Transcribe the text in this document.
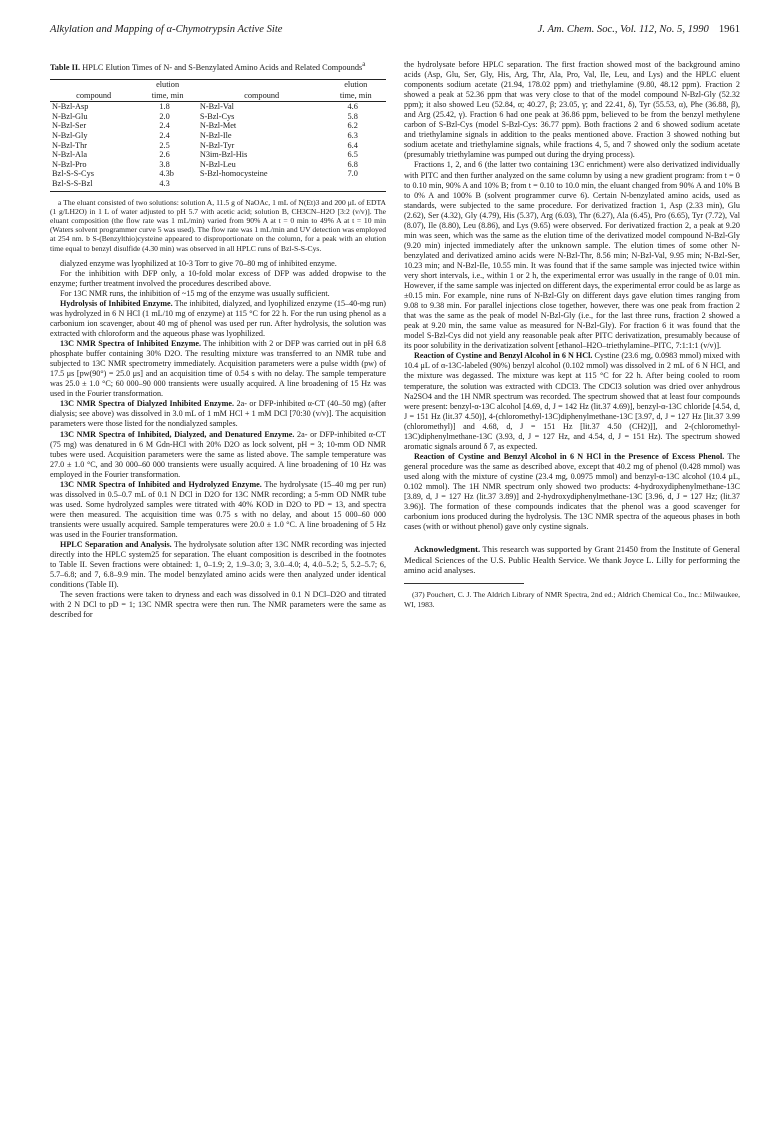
Alkylation and Mapping of α-Chymotrypsin Active Site	J. Am. Chem. Soc., Vol. 112, No. 5, 1990 1961

Table II. HPLC Elution Times of N- and S-Benzylated Amino Acids and Related Compounds$^a$

	elution		elution
compound	time, min	compound	time, min
N-Bzl-Asp	1.8	N-Bzl-Val	4.6
N-Bzl-Glu	2.0	S-Bzl-Cys	5.8
N-Bzl-Ser	2.4	N-Bzl-Met	6.2
N-Bzl-Gly	2.4	N-Bzl-Ile	6.3
N-Bzl-Thr	2.5	N-Bzl-Tyr	6.4
N-Bzl-Ala	2.6	N3im-Bzl-His	6.5
N-Bzl-Pro	3.8	N-Bzl-Leu	6.8
Bzl-S-S-Cys	4.3b	S-Bzl-homocysteine	7.0
Bzl-S-S-Bzl	4.3		

a The eluant consisted of two solutions: solution A, 11.5 g of NaOAc, 1 mL of N(Et)3 and 200 μL of EDTA (1 g/LH2O) in 1 L of water adjusted to pH 5.7 with acetic acid; solution B, CH3CN–H2O [3:2 (v/v)]. The eluant composition (the flow rate was 1 mL/min) varied from 90% A at t = 0 min to 49% A at t = 10 min (Waters solvent programmer curve 5 was used). The flow rate was 1 mL/min and UV detection was employed at 254 nm. b S-(Benzylthio)cysteine appeared to disproportionate on the column, for a peak with an elution time equal to benzyl disulfide (4.30 min) was observed in all HPLC runs of Bzl-S-S-Cys.

dialyzed enzyme was lyophilized at 10-3 Torr to give 70–80 mg of inhibited enzyme.

For the inhibition with DFP only, a 10-fold molar excess of DFP was added dropwise to the enzyme; further treatment involved the procedures described above.

For 13C NMR runs, the inhibition of ~15 mg of the enzyme was usually sufficient.

Hydrolysis of Inhibited Enzyme. The inhibited, dialyzed, and lyophilized enzyme (15–40-mg run) was hydrolyzed in 6 N HCl (1 mL/10 mg of enzyme) at 115 °C for 22 h. For the run using phenol as a carbonium ion scavenger, about 40 mg of phenol was used per run. After hydrolysis, the solution was extracted with chloroform and the aqueous phase was lyophilized.

13C NMR Spectra of Inhibited Enzyme. The inhibition with 2 or DFP was carried out in pH 6.8 phosphate buffer containing 30% D2O. The resulting mixture was transferred to an NMR tube and subjected to 13C NMR spectrometry immediately. Acquisition parameters were a pulse width (pw) of 17.5 μs [pw(90°) = 25.0 μs] and an acquisition time of 0.54 s with no delay. The sample temperature was 25.0 ± 1.0 °C; 60 000–90 000 transients were usually acquired. A line broadening of 15 Hz was used in the Fourier transformation.

13C NMR Spectra of Dialyzed Inhibited Enzyme. 2a- or DFP-inhibited α-CT (40–50 mg) (after dialysis; see above) was dissolved in 3.0 mL of 1 mM HCl + 1 mM DCl [70:30 (v/v)]. The acquisition parameters were those listed for the nondialyzed samples.

13C NMR Spectra of Inhibited, Dialyzed, and Denatured Enzyme. 2a- or DFP-inhibited α-CT (75 mg) was denatured in 6 M Gdn-HCl with 20% D2O as lock solvent, pH = 3; 10-mm OD NMR tubes were used. Acquisition parameters were the same as listed above. The sample temperature was 27.0 ± 1.0 °C, and 30 000–60 000 transients were usually acquired. A line broadening of 10 Hz was employed in the Fourier transformation.

13C NMR Spectra of Inhibited and Hydrolyzed Enzyme. The hydrolysate (15–40 mg per run) was dissolved in 0.5–0.7 mL of 0.1 N DCl in D2O for 13C NMR recording; a 5-mm OD NMR tube was used. Some hydrolyzed samples were titrated with 40% KOD in D2O to PD = 13, and spectra were then measured. The acquisition time was 0.75 s with no delay, and about 15 000–60 000 transients were usually acquired. Sample temperatures were 20.0 ± 1.0 °C. A line broadening of 5 Hz was used in the Fourier transformation.

HPLC Separation and Analysis. The hydrolysate solution after 13C NMR recording was injected directly into the HPLC system25 for separation. The eluant composition is described in the footnotes to Table II. Seven fractions were obtained: 1, 0–1.9; 2, 1.9–3.0; 3, 3.0–4.0; 4, 4.0–5.2; 5, 5.2–5.7; 6, 5.7–6.8; and 7, 6.8–9.9 min. The model benzylated amino acids were then analyzed under identical conditions (Table II).

The seven fractions were taken to dryness and each was dissolved in 0.1 N DCl–D2O and titrated with 2 N DCl to pD = 1; 13C NMR spectra were then run. The NMR parameters were the same as described for

the hydrolysate before HPLC separation. The first fraction showed most of the background amino acids (Asp, Glu, Ser, Gly, His, Arg, Thr, Ala, Pro, Val, Ile, Leu, and Lys) and the HPLC eluent components sodium acetate (21.94, 178.02 ppm) and triethylamine (9.80, 48.12 ppm). Fraction 2 showed a peak at 52.36 ppm that was very close to that of the model compound N-Bzl-Gly (52.32 ppm); it also showed Leu (52.84, α; 40.27, β; 23.05, γ; and 22.41, δ), Tyr (55.53, α), Phe (36.88, β), and Arg (25.42, γ). Fraction 6 had one peak at 36.86 ppm, believed to be from the benzyl methylene carbon of S-Bzl-Cys (model S-Bzl-Cys: 36.77 ppm). Both fractions 2 and 6 showed sodium acetate and triethylamine signals in addition to the peaks mentioned above. Fraction 3 showed nothing but sodium acetate and triethylamine signals, while fractions 4, 5, and 7 showed only the sodium acetate (presumably triethylamine was pumped out during the drying process).

Fractions 1, 2, and 6 (the latter two containing 13C enrichment) were also derivatized individually with PITC and then further analyzed on the same column by using a new gradient program: from t = 0 to 0.10 min, 90% A and 10% B; from t = 0.10 to 10.0 min, the eluant changed from 90% A and 10% B to 0% A and 100% B (solvent programmer curve 6). Certain N-benzylated amino acids, used as standards, were subjected to the same procedure. For derivatized fraction 1, Asp (2.33 min), Glu (2.62), Ser (4.32), Gly (4.79), His (5.37), Arg (6.03), Thr (6.27), Ala (6.45), Pro (6.65), Tyr (7.72), Val (8.07), Ile (8.80), Leu (8.86), and Lys (9.65) were observed. For derivatized fraction 2, a peak at 9.20 min was seen, which was the same as the elution time of the derivatized model compound N-Bzl-Gly (9.20 min) injected immediately after the unknown sample. The elution times of some other N-benzylated and derivatized amino acids were N-Bzl-Thr, 8.56 min; N-Bzl-Val, 9.95 min; N-Bzl-Ser, 10.23 min; and N-Bzl-Ile, 10.55 min. It was found that if the same sample was injected twice within very short intervals, i.e., within 1 or 2 h, the experimental error was usually in the range of 0.01 min. However, if the same sample was injected on different days, the experimental error could be as large as ±0.15 min. For example, nine runs of N-Bzl-Gly on different days gave elution times ranging from 9.08 to 9.38 min. For parallel injections close together, however, there was one peak from fraction 2 that was the same as the peak of model N-Bzl-Gly (i.e., for the last three runs, fraction 2 showed a peak at 9.20 min, the same value as measured for N-Bzl-Gly). For fraction 6 it was found that the model S-Bzl-Cys did not yield any reasonable peak after PITC derivatization, presumably because of its poor solubility in the derivatization solvent [ethanol–H2O–triethylamine–PITC, 7:1:1:1 (v/v)].

Reaction of Cystine and Benzyl Alcohol in 6 N HCl. Cystine (23.6 mg, 0.0983 mmol) mixed with 10.4 μL of α-13C-labeled (90%) benzyl alcohol (0.102 mmol) was dissolved in 2 mL of 6 N HCl, and the mixture was degassed. The mixture was kept at 115 °C for 22 h. After being cooled to room temperature, the solution was extracted with CDCl3. The CDCl3 solution was dried over anhydrous Na2SO4 and the 1H NMR spectrum was recorded. The spectrum showed that at least four compounds were present: benzyl-α-13C alcohol [4.69, d, J = 142 Hz (lit.37 4.69)], benzyl-α-13C chloride [4.54, d, J = 151 Hz (lit.37 4.50)], 4-(chloromethyl-13C)diphenylmethane-13C [3.97, d, J = 127 Hz [lit.37 3.99 (chloromethyl)] and 4.68, d, J = 151 Hz [lit.37 4.50 (CH2)]], and 2-(chloromethyl-13C)diphenylmethane-13C (3.93, d, J = 127 Hz, and 4.54, d, J = 151 Hz). The spectrum showed aromatic signals around δ 7, as expected.

Reaction of Cystine and Benzyl Alcohol in 6 N HCl in the Presence of Excess Phenol. The general procedure was the same as described above, except that 40.2 mg of phenol (0.428 mmol) was used along with the mixture of cystine (23.4 mg, 0.0975 mmol) and benzyl-α-13C alcohol (10.4 μL, 0.102 mmol). The 1H NMR spectrum only showed two products: 4-hydroxydiphenylmethane-13C [3.89, d, J = 127 Hz (lit.37 3.89)] and 2-hydroxydiphenylmethane-13C [3.96, d, J = 127 Hz; (lit.37 3.96)]. The formation of these compounds indicates that the phenol was a good scavenger for carbonium ions produced during the hydrolysis. The 13C NMR spectra of the aqueous phases in both cases (with or without phenol) gave only cystine signals.

Acknowledgment. This research was supported by Grant 21450 from the Institute of General Medical Sciences of the U.S. Public Health Service. We thank Joyce L. Lilly for performing the amino acid analyses.

(37) Pouchert, C. J. The Aldrich Library of NMR Spectra, 2nd ed.; Aldrich Chemical Co., Inc.: Milwaukee, WI, 1983.
